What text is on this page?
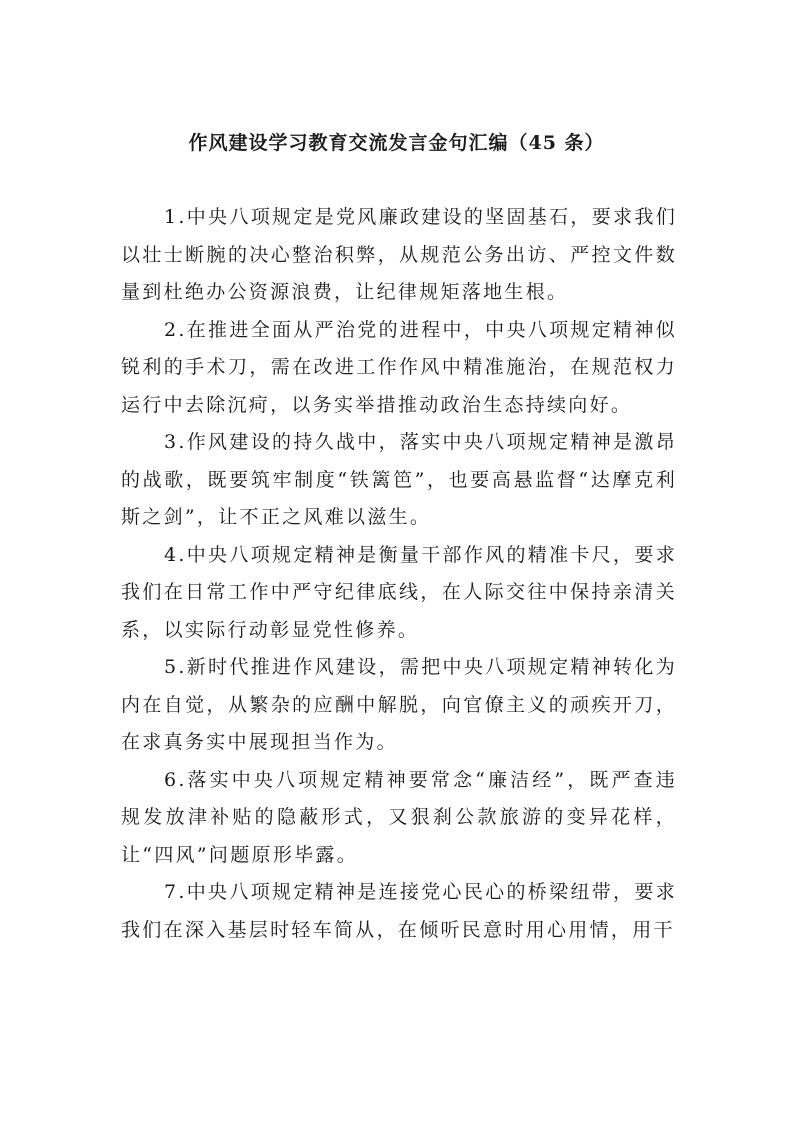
作风建设学习教育交流发言金句汇编（45 条）

1.中央八项规定是党风廉政建设的坚固基石，要求我们以壮士断腕的决心整治积弊，从规范公务出访、严控文件数量到杜绝办公资源浪费，让纪律规矩落地生根。

2.在推进全面从严治党的进程中，中央八项规定精神似锐利的手术刀，需在改进工作作风中精准施治，在规范权力运行中去除沉疴，以务实举措推动政治生态持续向好。

3.作风建设的持久战中，落实中央八项规定精神是激昂的战歌，既要筑牢制度“铁篱笆”，也要高悬监督“达摩克利斯之剑”，让不正之风难以滋生。

4.中央八项规定精神是衡量干部作风的精准卡尺，要求我们在日常工作中严守纪律底线，在人际交往中保持亲清关系，以实际行动彰显党性修养。

5.新时代推进作风建设，需把中央八项规定精神转化为内在自觉，从繁杂的应酬中解脱，向官僚主义的顽疾开刀，在求真务实中展现担当作为。

6.落实中央八项规定精神要常念“廉洁经”，既严查违规发放津补贴的隐蔽形式，又狠刹公款旅游的变异花样，让“四风”问题原形毕露。

7.中央八项规定精神是连接党心民心的桥梁纽带，要求我们在深入基层时轻车简从，在倾听民意时用心用情，用干
